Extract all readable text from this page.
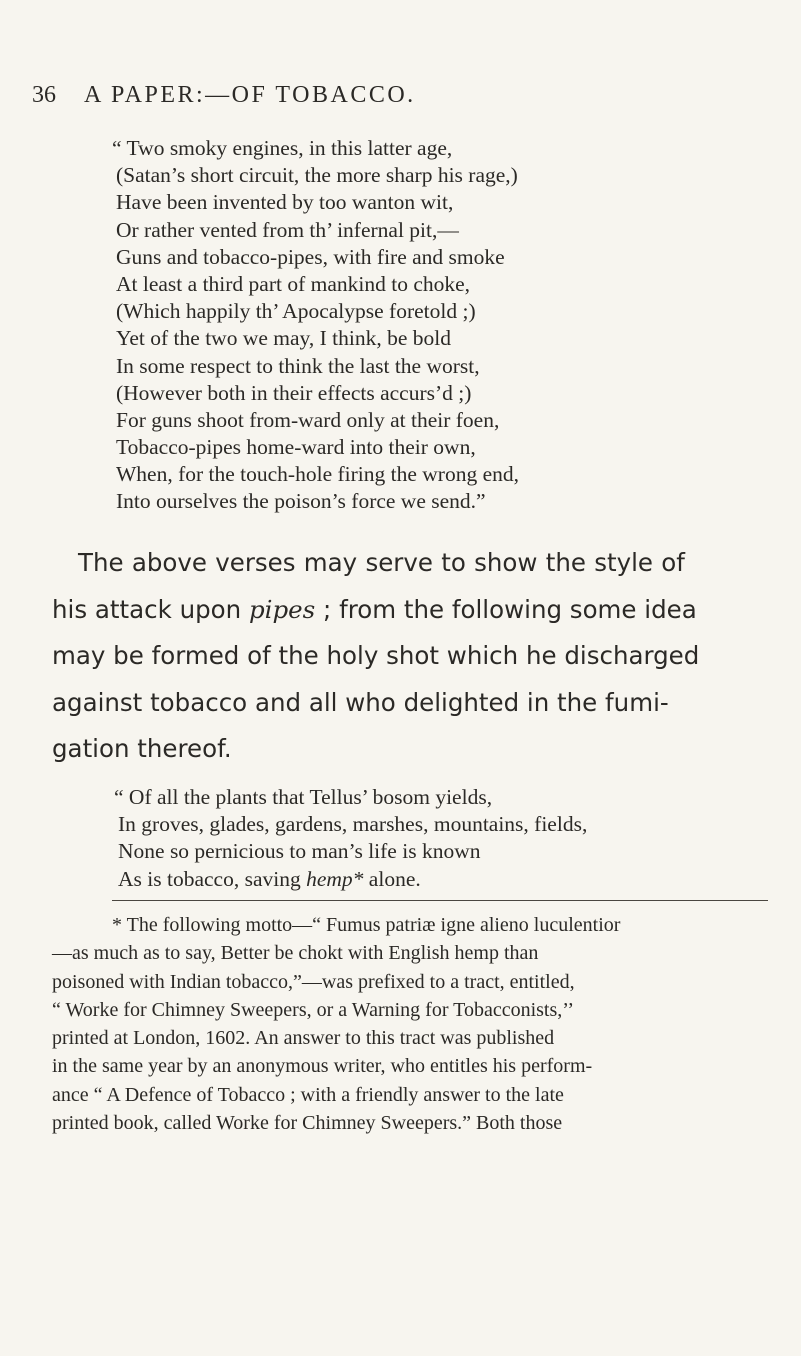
36 A PAPER:—OF TOBACCO.
“ Two smoky engines, in this latter age,
(Satan’s short circuit, the more sharp his rage,)
Have been invented by too wanton wit,
Or rather vented from th’ infernal pit,—
Guns and tobacco-pipes, with fire and smoke
At least a third part of mankind to choke,
(Which happily th’ Apocalypse foretold ;)
Yet of the two we may, I think, be bold
In some respect to think the last the worst,
(However both in their effects accurs’d ;)
For guns shoot from-ward only at their foen,
Tobacco-pipes home-ward into their own,
When, for the touch-hole firing the wrong end,
Into ourselves the poison’s force we send.”

The above verses may serve to show the style of
his attack upon pipes ; from the following some idea
may be formed of the holy shot which he discharged
against tobacco and all who delighted in the fumi-
gation thereof.

“ Of all the plants that Tellus’ bosom yields,
In groves, glades, gardens, marshes, mountains, fields,
None so pernicious to man’s life is known
As is tobacco, saving hemp* alone.

* The following motto—“ Fumus patriæ igne alieno luculentior
—as much as to say, Better be chokt with English hemp than
poisoned with Indian tobacco,”—was prefixed to a tract, entitled,
“ Worke for Chimney Sweepers, or a Warning for Tobacconists,’’
printed at London, 1602. An answer to this tract was published
in the same year by an anonymous writer, who entitles his perform-
ance “ A Defence of Tobacco ; with a friendly answer to the late
printed book, called Worke for Chimney Sweepers.” Both those
